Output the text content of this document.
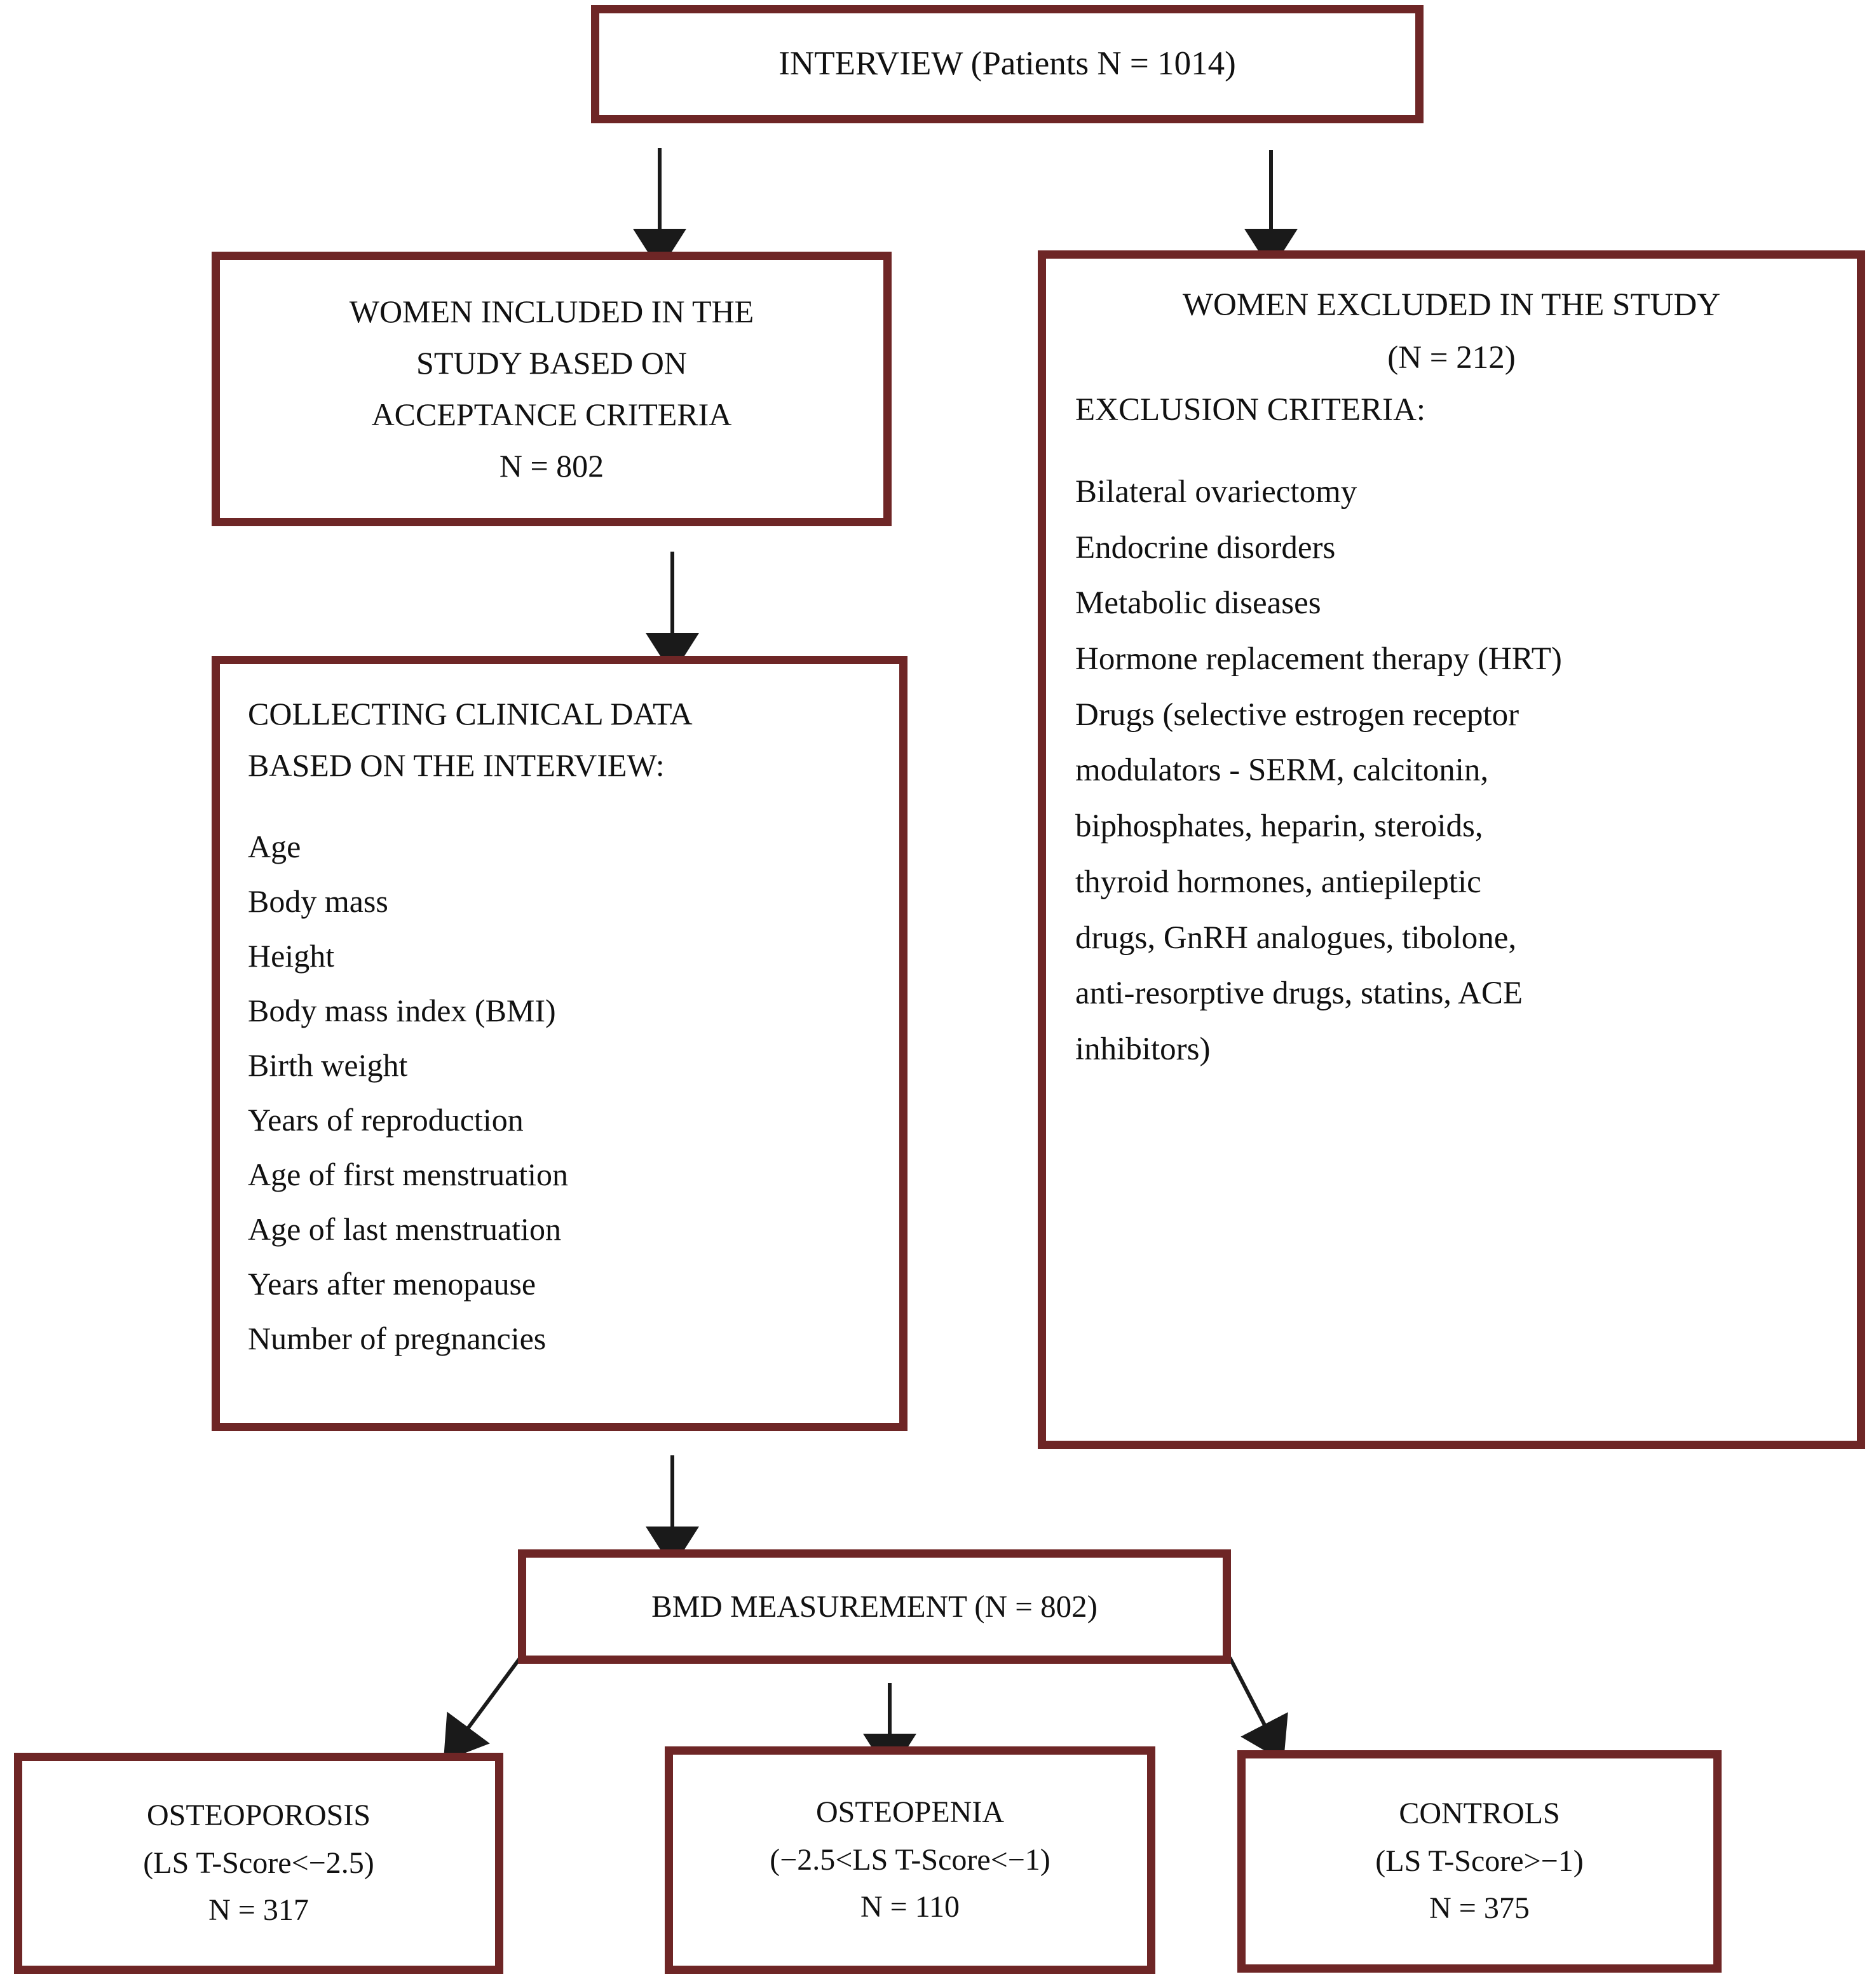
INTERVIEW (Patients N = 1014)
WOMEN INCLUDED IN THE
STUDY BASED ON
ACCEPTANCE CRITERIA
N = 802
WOMEN EXCLUDED IN THE STUDY
(N = 212)
EXCLUSION CRITERIA:
Bilateral ovariectomy
Endocrine disorders
Metabolic diseases
Hormone replacement therapy (HRT)
Drugs (selective estrogen receptor
modulators - SERM, calcitonin,
biphosphates, heparin, steroids,
thyroid hormones, antiepileptic
drugs, GnRH analogues, tibolone,
anti-resorptive drugs, statins, ACE
inhibitors)
COLLECTING CLINICAL DATA
BASED ON THE INTERVIEW:
Age
Body mass
Height
Body mass index (BMI)
Birth weight
Years of reproduction
Age of first menstruation
Age of last menstruation
Years after menopause
Number of pregnancies
BMD MEASUREMENT (N = 802)
OSTEOPOROSIS
(LS T-Score<−2.5)
N = 317
OSTEOPENIA
(−2.5<LS T-Score<−1)
N = 110
CONTROLS
(LS T-Score>−1)
N = 375
